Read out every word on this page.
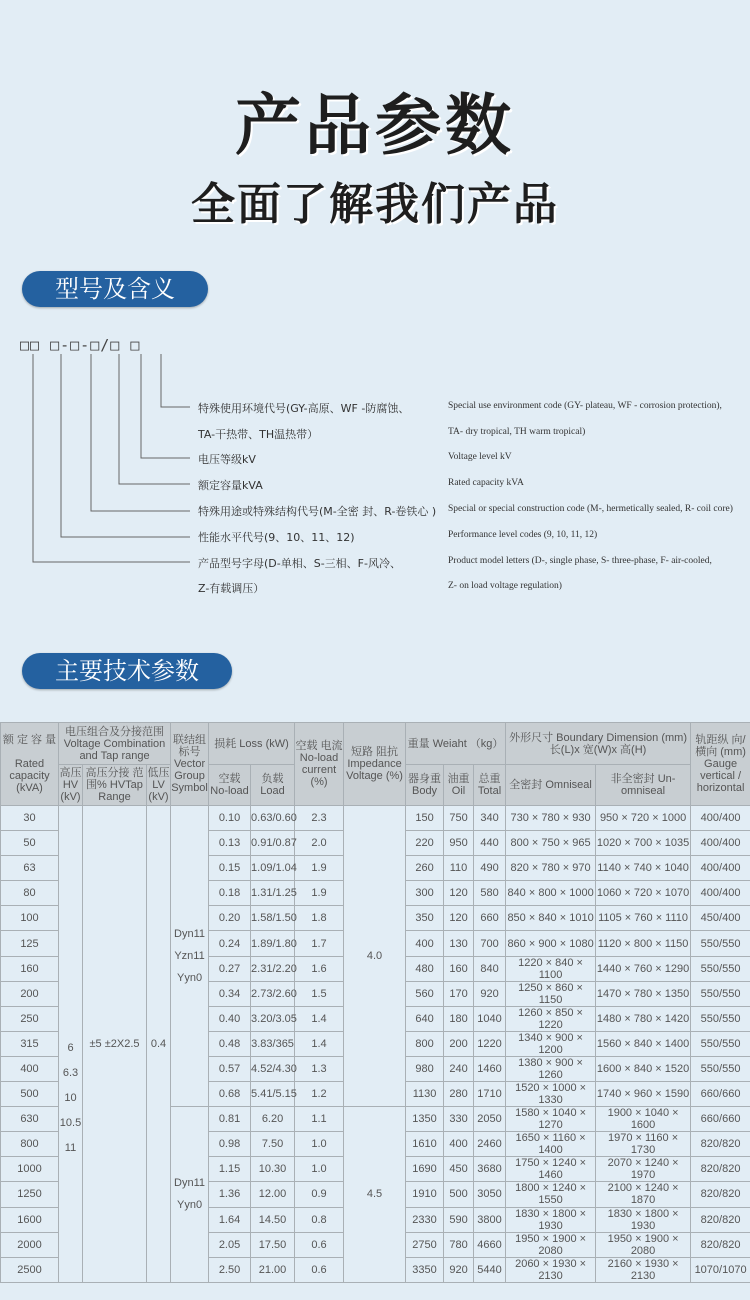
产品参数
全面了解我们产品
型号及含义
□□ □-□-□/□ □
特殊使用环境代号(GY-高原、WF -防腐蚀、	Special use environment code (GY- plateau, WF - corrosion protection),
TA-干热带、TH温热带）	TA- dry tropical, TH warm tropical)
电压等级kV	Voltage level kV
额定容量kVA	Rated capacity kVA
特殊用途或特殊结构代号(M-全密 封、R-卷铁心 ) Special or special construction code (M-, hermetically sealed, R- coil core)
性能水平代号(9、10、11、12)	Performance level codes (9, 10, 11, 12)
产品型号字母(D-单相、S-三相、F-风冷、	Product model letters (D-, single phase, S- three-phase, F- air-cooled,
Z-有载调压）	Z- on load voltage regulation)
主要技术参数
额 定 容 量

Rated capacity (kVA)	电压组合及分接范围
Voltage Combination and Tap range			联结组 标号
Vector Group Symbol	损耗 Loss (kW)		空载 电流 No-load current (%)	短路 阻抗 Impedance Voltage (%)	重量 Weiaht （kg）			外形尺寸 Boundary Dimension (mm) 长(L)x 宽(W)x 高(H)		轨距纵 向/横向 (mm) Gauge vertical / horizontal
	高压 HV (kV)	高压分接 范围% HVTap Range	低压 LV (kV)		空载 No-load	负载 Load			器身重 Body	油重 Oil	总重 Total	全密封 Omniseal	非全密封 Un-omniseal	
30	6 6.3 10 10.5 11	±5 ±2X2.5	0.4	Dyn11 Yzn11 Yyn0	0.10	0.63/0.60	2.3	4.0	150	750	340	730 × 780 × 930	950 × 720 × 1000	400/400
50					0.13	0.91/0.87	2.0		220	950	440	800 × 750 × 965	1020 × 700 × 1035	400/400
63					0.15	1.09/1.04	1.9		260	110	490	820 × 780 × 970	1140 × 740 × 1040	400/400
80					0.18	1.31/1.25	1.9		300	120	580	840 × 800 × 1000	1060 × 720 × 1070	400/400
100					0.20	1.58/1.50	1.8		350	120	660	850 × 840 × 1010	1105 × 760 × 1110	450/400
125					0.24	1.89/1.80	1.7		400	130	700	860 × 900 × 1080	1120 × 800 × 1150	550/550
160					0.27	2.31/2.20	1.6		480	160	840	1220 × 840 × 1100	1440 × 760 × 1290	550/550
200					0.34	2.73/2.60	1.5		560	170	920	1250 × 860 × 1150	1470 × 780 × 1350	550/550
250					0.40	3.20/3.05	1.4		640	180	1040	1260 × 850 × 1220	1480 × 780 × 1420	550/550
315					0.48	3.83/365	1.4		800	200	1220	1340 × 900 × 1200	1560 × 840 × 1400	550/550
400					0.57	4.52/4.30	1.3		980	240	1460	1380 × 900 × 1260	1600 × 840 × 1520	550/550
500					0.68	5.41/5.15	1.2		1130	280	1710	1520 × 1000 × 1330	1740 × 960 × 1590	660/660
630				Dyn11 Yyn0	0.81	6.20	1.1	4.5	1350	330	2050	1580 × 1040 × 1270	1900 × 1040 × 1600	660/660
800					0.98	7.50	1.0		1610	400	2460	1650 × 1160 × 1400	1970 × 1160 × 1730	820/820
1000					1.15	10.30	1.0		1690	450	3680	1750 × 1240 × 1460	2070 × 1240 × 1970	820/820
1250					1.36	12.00	0.9		1910	500	3050	1800 × 1240 × 1550	2100 × 1240 × 1870	820/820
1600					1.64	14.50	0.8		2330	590	3800	1830 × 1800 × 1930	1830 × 1800 × 1930	820/820
2000					2.05	17.50	0.6		2750	780	4660	1950 × 1900 × 2080	1950 × 1900 × 2080	820/820
2500					2.50	21.00	0.6		3350	920	5440	2060 × 1930 × 2130	2160 × 1930 × 2130	1070/1070
